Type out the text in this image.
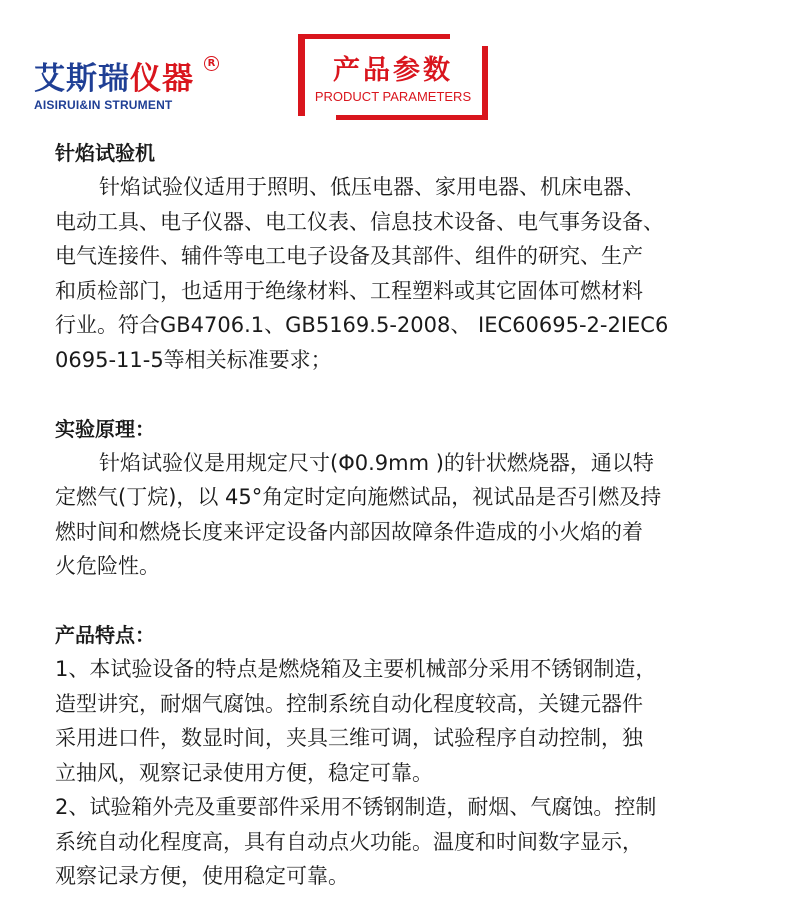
艾斯瑞仪器	R
AISIRUI&IN STRUMENT
产品参数
PRODUCT PARAMETERS
针焰试验机

针焰试验仪适用于照明、低压电器、家用电器、机床电器、
电动工具、电子仪器、电工仪表、信息技术设备、电气事务设备、
电气连接件、辅件等电工电子设备及其部件、组件的研究、生产
和质检部门，也适用于绝缘材料、工程塑料或其它固体可燃材料
行业。符合GB4706.1、GB5169.5-2008、 IEC60695-2-2IEC6
0695-11-5等相关标准要求；

实验原理：

针焰试验仪是用规定尺寸(Φ0.9mm )的针状燃烧器，通以特
定燃气(丁烷)，以 45°角定时定向施燃试品，视试品是否引燃及持
燃时间和燃烧长度来评定设备内部因故障条件造成的小火焰的着
火危险性。

产品特点：

1、本试验设备的特点是燃烧箱及主要机械部分采用不锈钢制造，
造型讲究，耐烟气腐蚀。控制系统自动化程度较高，关键元器件
采用进口件，数显时间，夹具三维可调，试验程序自动控制，独
立抽风，观察记录使用方便，稳定可靠。
2、试验箱外壳及重要部件采用不锈钢制造，耐烟、气腐蚀。控制
系统自动化程度高，具有自动点火功能。温度和时间数字显示，
观察记录方便，使用稳定可靠。
